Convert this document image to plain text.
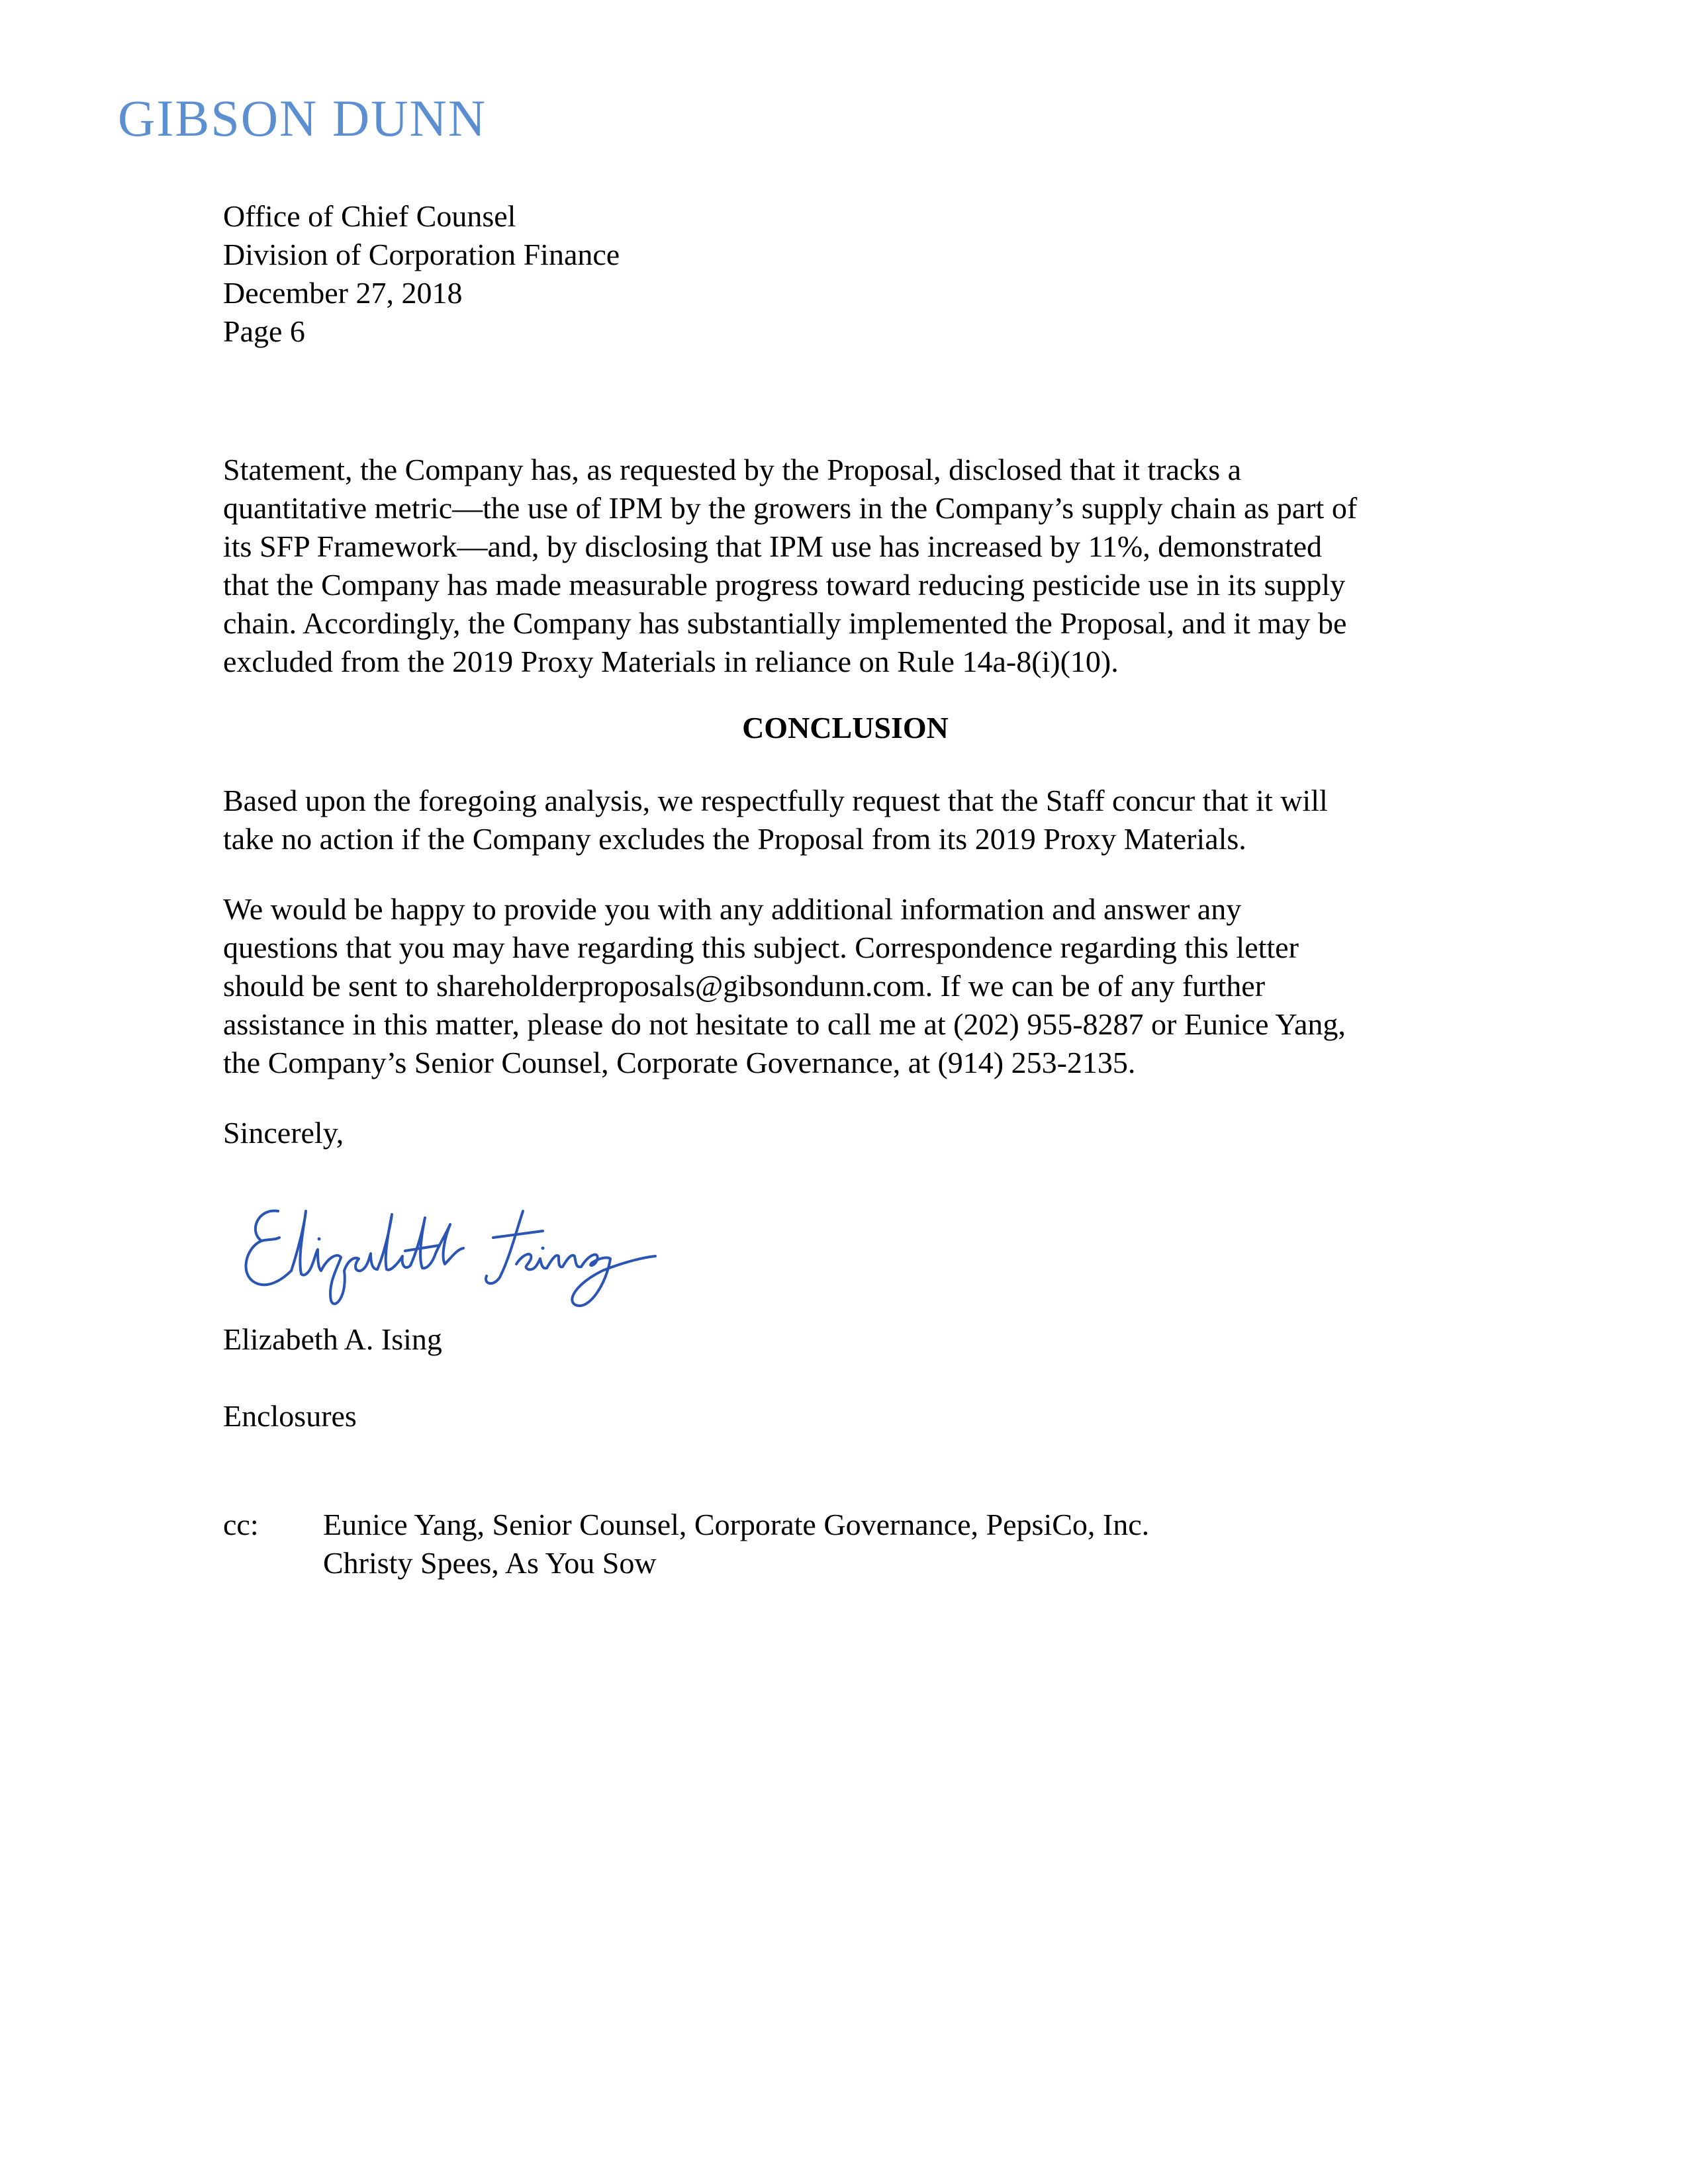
GIBSON DUNN
Office of Chief Counsel
Division of Corporation Finance
December 27, 2018
Page 6
Statement, the Company has, as requested by the Proposal, disclosed that it tracks a
quantitative metric—the use of IPM by the growers in the Company’s supply chain as part of
its SFP Framework—and, by disclosing that IPM use has increased by 11%, demonstrated
that the Company has made measurable progress toward reducing pesticide use in its supply
chain. Accordingly, the Company has substantially implemented the Proposal, and it may be
excluded from the 2019 Proxy Materials in reliance on Rule 14a-8(i)(10).
CONCLUSION
Based upon the foregoing analysis, we respectfully request that the Staff concur that it will
take no action if the Company excludes the Proposal from its 2019 Proxy Materials.
We would be happy to provide you with any additional information and answer any
questions that you may have regarding this subject. Correspondence regarding this letter
should be sent to shareholderproposals@gibsondunn.com. If we can be of any further
assistance in this matter, please do not hesitate to call me at (202) 955-8287 or Eunice Yang,
the Company’s Senior Counsel, Corporate Governance, at (914) 253-2135.
Sincerely,
Elizabeth A. Ising
Enclosures
cc: Eunice Yang, Senior Counsel, Corporate Governance, PepsiCo, Inc.
Christy Spees, As You Sow
